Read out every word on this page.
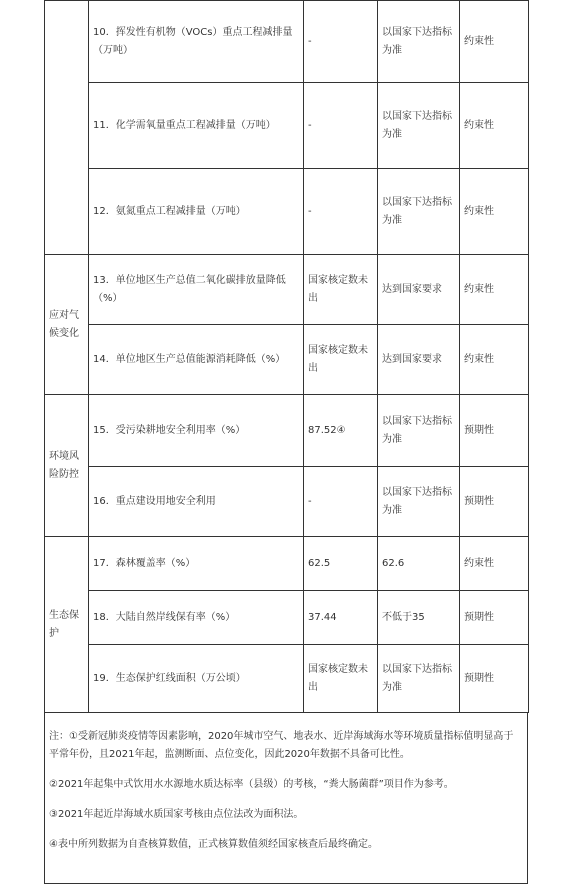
	10．挥发性有机物（VOCs）重点工程减排量（万吨）	-	以国家下达指标为准	约束性
	11．化学需氧量重点工程减排量（万吨）	-	以国家下达指标为准	约束性
	12．氨氮重点工程减排量（万吨）	-	以国家下达指标为准	约束性
应对气候变化	13．单位地区生产总值二氧化碳排放量降低（%）	国家核定数未出	达到国家要求	约束性
	14．单位地区生产总值能源消耗降低（%）	国家核定数未出	达到国家要求	约束性
环境风险防控	15．受污染耕地安全利用率（%）	87.52④	以国家下达指标为准	预期性
	16．重点建设用地安全利用	-	以国家下达指标为准	预期性
生态保护	17．森林覆盖率（%）	62.5	62.6	约束性
	18．大陆自然岸线保有率（%）	37.44	不低于35	预期性
	19．生态保护红线面积（万公顷）	国家核定数未出	以国家下达指标为准	预期性

注：①受新冠肺炎疫情等因素影响，2020年城市空气、地表水、近岸海域海水等环境质量指标值明显高于平常年份，且2021年起，监测断面、点位变化，因此2020年数据不具备可比性。

②2021年起集中式饮用水水源地水质达标率（县级）的考核，“粪大肠菌群”项目作为参考。

③2021年起近岸海域水质国家考核由点位法改为面积法。

④表中所列数据为自查核算数值，正式核算数值须经国家核查后最终确定。
